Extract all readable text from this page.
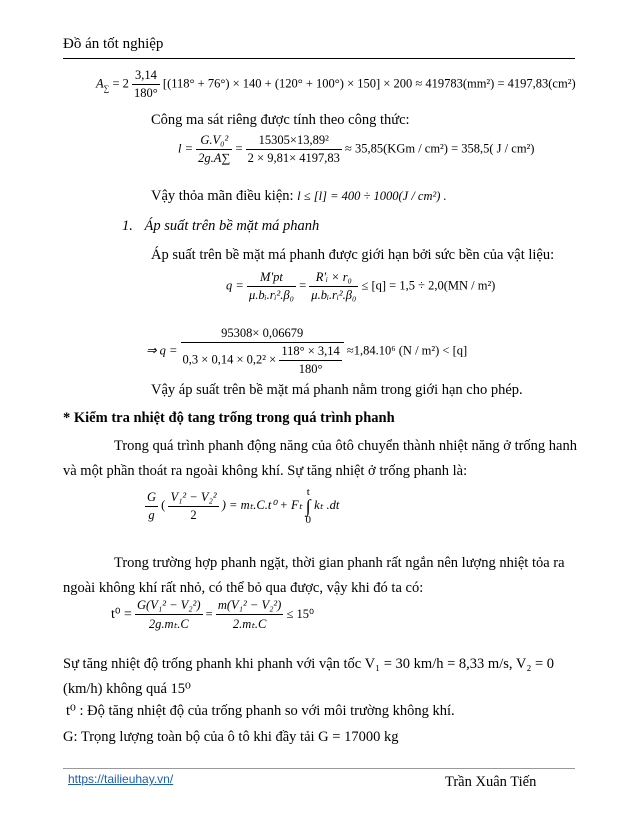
Đồ án tốt nghiệp
$A_\sum = 2 \frac{3,14}{180^\circ} [(118^\circ + 76^\circ) \times 140 + (120^\circ + 100^\circ) \times 150] \times 200 \approx 419783(mm^2) = 4197,83(cm^2)$
Công ma sát riêng được tính theo công thức:
$l = \frac{\text{G.V₀²}}{2g.A\sum} = \frac{\text{15305×13,89²}}{2 \times 9,81\times 4197,83} \approx 35,85(KGm / cm^2) = 358,5$( J / cm²)
Vậy thỏa mãn điều kiện: l ≤ [l] = 400 ÷ 1000(J / cm²) .
1. Áp suất trên bề mặt má phanh
Áp suất trên bề mặt má phanh được giới hạn bởi sức bền của vật liệu:
$q = \frac{M'pt}{\text{μ.bᵢ.rᵢ².β₀}} = \frac{\text{R'ᵢ × r₀}}{\text{μ.bᵢ.rᵢ².β₀}} \le [q] = 1,5 \div 2,0(MN / m^2)$
⇒ $q = \frac{95308\times 0,06679}{0,3 \times 0,14 \times 0,2^2 \times \frac{118^\circ \times 3,14}{180^\circ}} \approx 1,84.10^6$ (N / m²) < [q]
Vậy áp suất trên bề mặt má phanh nằm trong giới hạn cho phép.
* Kiểm tra nhiệt độ tang trống trong quá trình phanh
Trong quá trình phanh động năng của ôtô chuyển thành nhiệt năng ở trống hanh và một phần thoát ra ngoài không khí. Sự tăng nhiệt ở trống phanh là:
$\frac{G}{g}$ ( $\frac{\text{V₁² − V₂²}}{2}$ ) = mₜ.C.t⁰ + Fₜ
t
∫
0
kₜ .dt
Trong trường hợp phanh ngặt, thời gian phanh rất ngắn nên lượng nhiệt tỏa ra ngoài không khí rất nhỏ, có thể bỏ qua được, vậy khi đó ta có:
$t^0 = \frac{\text{G(V₁² − V₂²)}}{\text{2g.mₜ.C}} = \frac{\text{m(V₁² − V₂²)}}{\text{2.mₜ.C}} \le 15^0$
Sự tăng nhiệt độ trống phanh khi phanh với vận tốc V₁ = 30 km/h = 8,33 m/s, V₂ = 0 (km/h) không quá 15⁰
t⁰ : Độ tăng nhiệt độ của trống phanh so với môi trường không khí.
G: Trọng lượng toàn bộ của ô tô khi đầy tải G = 17000 kg
https://tailieuhay.vn/	Trần Xuân Tiến
